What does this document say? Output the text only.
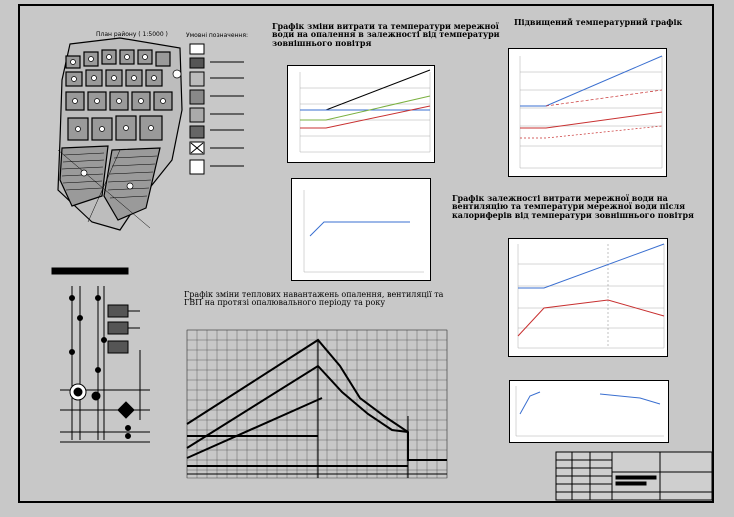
План району ( 1:5000 )	Умовні позначення:
Графік зміни витрати та температури мережної води на опалення в залежності від температури зовнішнього повітря
Підвищений температурний графік
Графік залежності витрати мережної води на вентиляцію та температури мережної води після калориферів від температури зовнішнього повітря
Графік зміни теплових навантажень опалення, вентиляції та ГВП на протязі опалювального періоду та року
